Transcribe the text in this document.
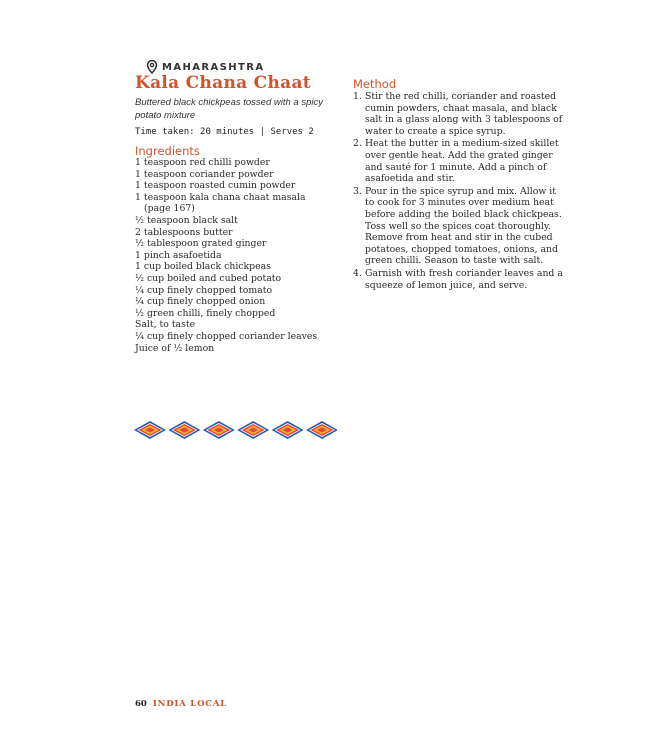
MAHARASHTRA
Kala Chana Chaat

Buttered black chickpeas tossed with a spicy potato mixture

Time taken: 20 minutes | Serves 2

Ingredients
1 teaspoon red chilli powder
1 teaspoon coriander powder
1 teaspoon roasted cumin powder
1 teaspoon kala chana chaat masala
(page 167)
½ teaspoon black salt
2 tablespoons butter
½ tablespoon grated ginger
1 pinch asafoetida
1 cup boiled black chickpeas
½ cup boiled and cubed potato
¼ cup finely chopped tomato
¼ cup finely chopped onion
½ green chilli, finely chopped
Salt, to taste
¼ cup finely chopped coriander leaves
Juice of ½ lemon
Method
1. Stir the red chilli, coriander and roasted cumin powders, chaat masala, and black salt in a glass along with 3 tablespoons of water to create a spice syrup.
2. Heat the butter in a medium-sized skillet over gentle heat. Add the grated ginger and sauté for 1 minute. Add a pinch of asafoetida and stir.
3. Pour in the spice syrup and mix. Allow it to cook for 3 minutes over medium heat before adding the boiled black chickpeas. Toss well so the spices coat thoroughly. Remove from heat and stir in the cubed potatoes, chopped tomatoes, onions, and green chilli. Season to taste with salt.
4. Garnish with fresh coriander leaves and a squeeze of lemon juice, and serve.
60 INDIA LOCAL
